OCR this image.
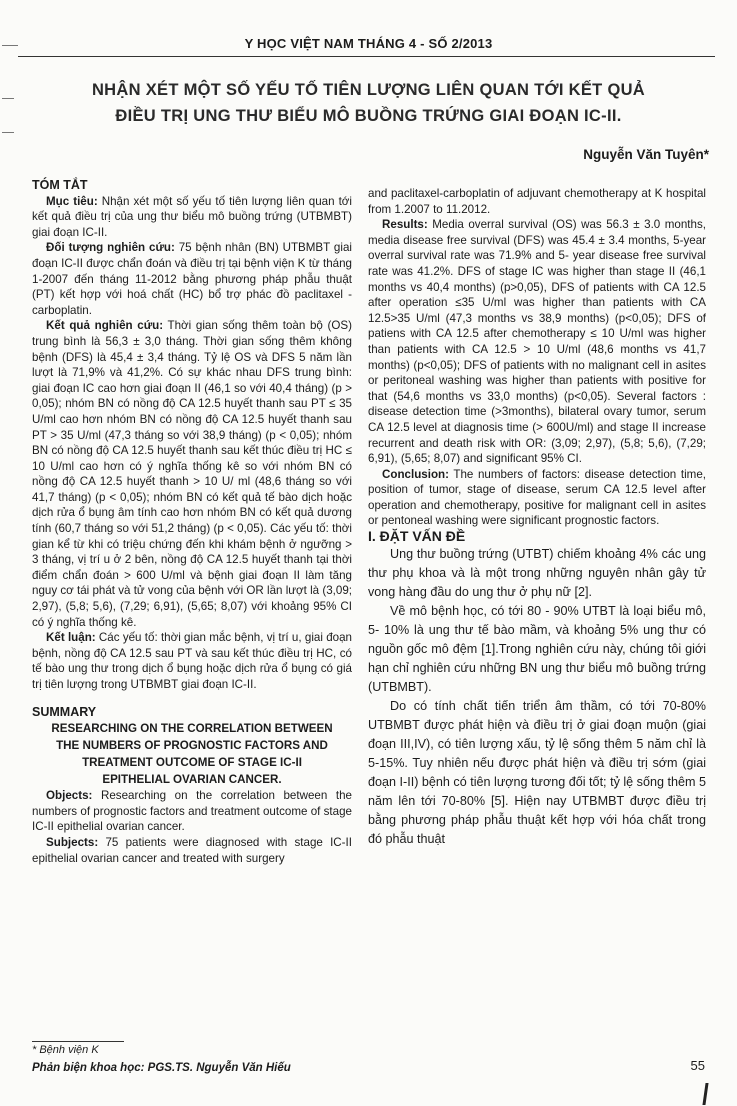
Y HỌC VIỆT NAM THÁNG 4 - SỐ 2/2013
NHẬN XÉT MỘT SỐ YẾU TỐ TIÊN LƯỢNG LIÊN QUAN TỚI KẾT QUẢ
ĐIỀU TRỊ UNG THƯ BIỂU MÔ BUỒNG TRỨNG GIAI ĐOẠN IC-II.
Nguyễn Văn Tuyên*

TÓM TẮT

Mục tiêu: Nhận xét một số yếu tố tiên lượng liên quan tới kết quả điều trị của ung thư biểu mô buồng trứng (UTBMBT) giai đoạn IC-II.

Đối tượng nghiên cứu: 75 bệnh nhân (BN) UTBMBT giai đoạn IC-II được chẩn đoán và điều trị tại bệnh viện K từ tháng 1-2007 đến tháng 11-2012 bằng phương pháp phẫu thuật (PT) kết hợp với hoá chất (HC) bổ trợ phác đồ paclitaxel - carboplatin.

Kết quả nghiên cứu: Thời gian sống thêm toàn bộ (OS) trung bình là 56,3 ± 3,0 tháng. Thời gian sống thêm không bệnh (DFS) là 45,4 ± 3,4 tháng. Tỷ lệ OS và DFS 5 năm lần lượt là 71,9% và 41,2%. Có sự khác nhau DFS trung bình: giai đoạn IC cao hơn giai đoạn II (46,1 so với 40,4 tháng) (p > 0,05); nhóm BN có nồng độ CA 12.5 huyết thanh sau PT ≤ 35 U/ml cao hơn nhóm BN có nồng độ CA 12.5 huyết thanh sau PT > 35 U/ml (47,3 tháng so với 38,9 tháng) (p < 0,05); nhóm BN có nồng độ CA 12.5 huyết thanh sau kết thúc điều trị HC ≤ 10 U/ml cao hơn có ý nghĩa thống kê so với nhóm BN có nồng độ CA 12.5 huyết thanh > 10 U/ ml (48,6 tháng so với 41,7 tháng) (p < 0,05); nhóm BN có kết quả tế bào dịch hoặc dịch rửa ổ bụng âm tính cao hơn nhóm BN có kết quả dương tính (60,7 tháng so với 51,2 tháng) (p < 0,05). Các yếu tố: thời gian kể từ khi có triệu chứng đến khi khám bệnh ở ngưỡng > 3 tháng, vị trí u ở 2 bên, nồng độ CA 12.5 huyết thanh tại thời điểm chẩn đoán > 600 U/ml và bệnh giai đoạn II làm tăng nguy cơ tái phát và tử vong của bệnh với OR lần lượt là (3,09; 2,97), (5,8; 5,6), (7,29; 6,91), (5,65; 8,07) với khoảng 95% CI có ý nghĩa thống kê.

Kết luận: Các yếu tố: thời gian mắc bệnh, vị trí u, giai đoạn bệnh, nồng độ CA 12.5 sau PT và sau kết thúc điều trị HC, có tế bào ung thư trong dịch ổ bụng hoặc dịch rửa ổ bụng có giá trị tiên lượng trong UTBMBT giai đoạn IC-II.

SUMMARY

RESEARCHING ON THE CORRELATION BETWEEN

THE NUMBERS OF PROGNOSTIC FACTORS AND

TREATMENT OUTCOME OF STAGE IC-II

EPITHELIAL OVARIAN CANCER.

Objects: Researching on the correlation between the numbers of prognostic factors and treatment outcome of stage IC-II epithelial ovarian cancer.

Subjects: 75 patients were diagnosed with stage IC-II epithelial ovarian cancer and treated with surgery

and paclitaxel-carboplatin of adjuvant chemotherapy at K hospital from 1.2007 to 11.2012.

Results: Media overral survival (OS) was 56.3 ± 3.0 months, media disease free survival (DFS) was 45.4 ± 3.4 months, 5-year overral survival rate was 71.9% and 5- year disease free survival rate was 41.2%. DFS of stage IC was higher than stage II (46,1 months vs 40,4 months) (p>0,05), DFS of patients with CA 12.5 after operation ≤35 U/ml was higher than patients with CA 12.5>35 U/ml (47,3 months vs 38,9 months) (p<0,05); DFS of patiens with CA 12.5 after chemotherapy ≤ 10 U/ml was higher than patients with CA 12.5 > 10 U/ml (48,6 months vs 41,7 months) (p<0,05); DFS of patients with no malignant cell in asites or peritoneal washing was higher than patients with positive for that (54,6 months vs 33,0 months) (p<0,05). Several factors : disease detection time (>3months), bilateral ovary tumor, serum CA 12.5 level at diagnosis time (> 600U/ml) and stage II increase recurrent and death risk with OR: (3,09; 2,97), (5,8; 5,6), (7,29; 6,91), (5,65; 8,07) and significant 95% CI.

Conclusion: The numbers of factors: disease detection time, position of tumor, stage of disease, serum CA 12.5 level after operation and chemotherapy, positive for malignant cell in asites or pentoneal washing were significant prognostic factors.

I. ĐẶT VẤN ĐỀ

Ung thư buồng trứng (UTBT) chiếm khoảng 4% các ung thư phụ khoa và là một trong những nguyên nhân gây tử vong hàng đầu do ung thư ở phụ nữ [2].

Về mô bệnh học, có tới 80 - 90% UTBT là loại biểu mô, 5- 10% là ung thư tế bào mầm, và khoảng 5% ung thư có nguồn gốc mô đệm [1].Trong nghiên cứu này, chúng tôi giới hạn chỉ nghiên cứu những BN ung thư biểu mô buồng trứng (UTBMBT).

Do có tính chất tiến triển âm thầm, có tới 70-80% UTBMBT được phát hiện và điều trị ở giai đoạn muộn (giai đoạn III,IV), có tiên lượng xấu, tỷ lệ sống thêm 5 năm chỉ là 5-15%. Tuy nhiên nếu được phát hiện và điều trị sớm (giai đoạn I-II) bệnh có tiên lượng tương đối tốt; tỷ lệ sống thêm 5 năm lên tới 70-80% [5]. Hiện nay UTBMBT được điều trị bằng phương pháp phẫu thuật kết hợp với hóa chất trong đó phẫu thuật

* Bệnh viện K
Phản biện khoa học: PGS.TS. Nguyễn Văn Hiếu	55
